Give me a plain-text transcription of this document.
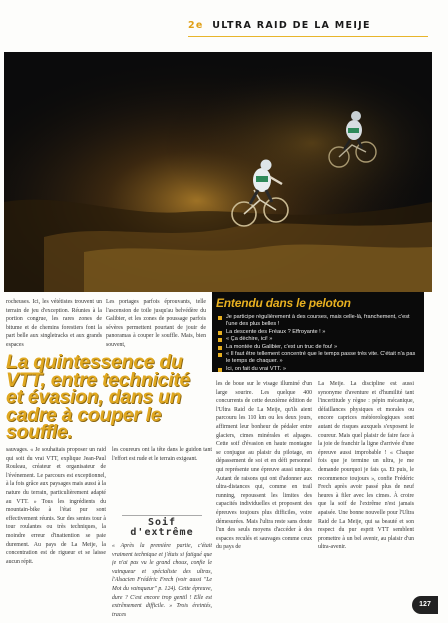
2e ULTRA RAID DE LA MEIJE
rocheuses. Ici, les vététistes trouvent un terrain de jeu d'exception. Réunies à la portion congrue, les rares zones de bitume et de chemins forestiers font la part belle aux singletracks et aux grands espaces
Les portages parfois éprouvants, telle l'ascension de toile jusqu'au belvédère du Galibier, et les zones de poussage parfois sévères permettent pourtant de jouir de panoramas à couper le souffle. Mais, bien souvent,
Entendu dans le peloton
Je participe régulièrement à des courses, mais celle-là, franchement, c'est l'une des plus belles !
La descente des Fréaux ? Effroyante ! »
« Ça dèchire, ici! »
La montée du Galibier, c'est un truc de fou! »
« Il faut être tellement concentré que le temps passe très vite. C'était n'a pas le temps de chaquer. »
Ici, on fait du vrai VTT. »
La quintessence du VTT, entre technicité et évasion, dans un cadre à couper le souffle.
sauvages. « Je souhaitais proposer un raid qui soit du vrai VTT, explique Jean-Paul Rouleau, créateur et organisateur de l'événement. Le parcours est exceptionnel, à la fois grâce aux paysages mais aussi à la nature du terrain, particulièrement adapté au VTT. » Tous les ingrédients du mountain-bike à l'état pur sont effectivement réunis. Sur des sentes tour à tour roulantes ou très techniques, la moindre erreur d'inattention se paie durement. Au pays de La Meije, la concentration est de rigueur et se laisse aucun répit.
les coureurs ont la tête dans le guidon tant l'effort est rude et le terrain exigeant.
Soif
d'extrême
« Après la première partie, c'était vraiment technique et j'étais si fatigué que je n'ai pas vu le grand choux, confie le vainqueur et spécialiste des ultras, l'Alsacien Frédéric Frech (voir aussi "Le Mot du vainqueur" p. 124). Cette épreuve, dure ? C'est encore trop gentil ! Elle est extrêmement difficile. » Trois éreintés, traces
les de boue sur le visage illuminé d'un large sourire. Les quelque 400 concurrents de cette deuxième édition de l'Ultra Raid de La Meije, qu'ils aient parcouru les 110 km ou les deux jours, affirment leur bonheur de pédaler entre glaciers, cimes minérales et alpages. Cette soif d'évasion en haute montagne se conjugue au plaisir du pilotage, en dépassement de soi et en défi personnel qui représente une épreuve aussi unique. Autant de raisons qui ont d'adonner aux ultra-distances qui, comme en trail running, repoussent les limites des capacités individuelles et proposent des épreuves toujours plus difficiles, voire démesurées. Mais l'ultra reste sans doute l'un des seuls moyens d'accéder à des espaces reculés et sauvages comme ceux du pays de
La Meije. La discipline est aussi synonyme d'aventure et d'humilité tant l'incertitude y règne : pépin mécanique, défaillances physiques et morales ou encore caprices météorologiques sont autant de risques auxquels s'exposent le coureur. Mais quel plaisir de faire face à la joie de franchir la ligne d'arrivée d'une épreuve aussi improbable ! « Chaque fois que je termine un ultra, je me demande pourquoi je fais ça. Et puis, le recommence toujours », confie Frédéric Frech après avoir passé plus de neuf heures à filer avec les cimes. À croire que la soif de l'extrême n'est jamais apaisée. Une bonne nouvelle pour l'Ultra Raid de La Meije, qui sa beauté et son respect du pur esprit VTT semblent promettre à un bel avenir, au plaisir d'un ultra-avenir.
127
